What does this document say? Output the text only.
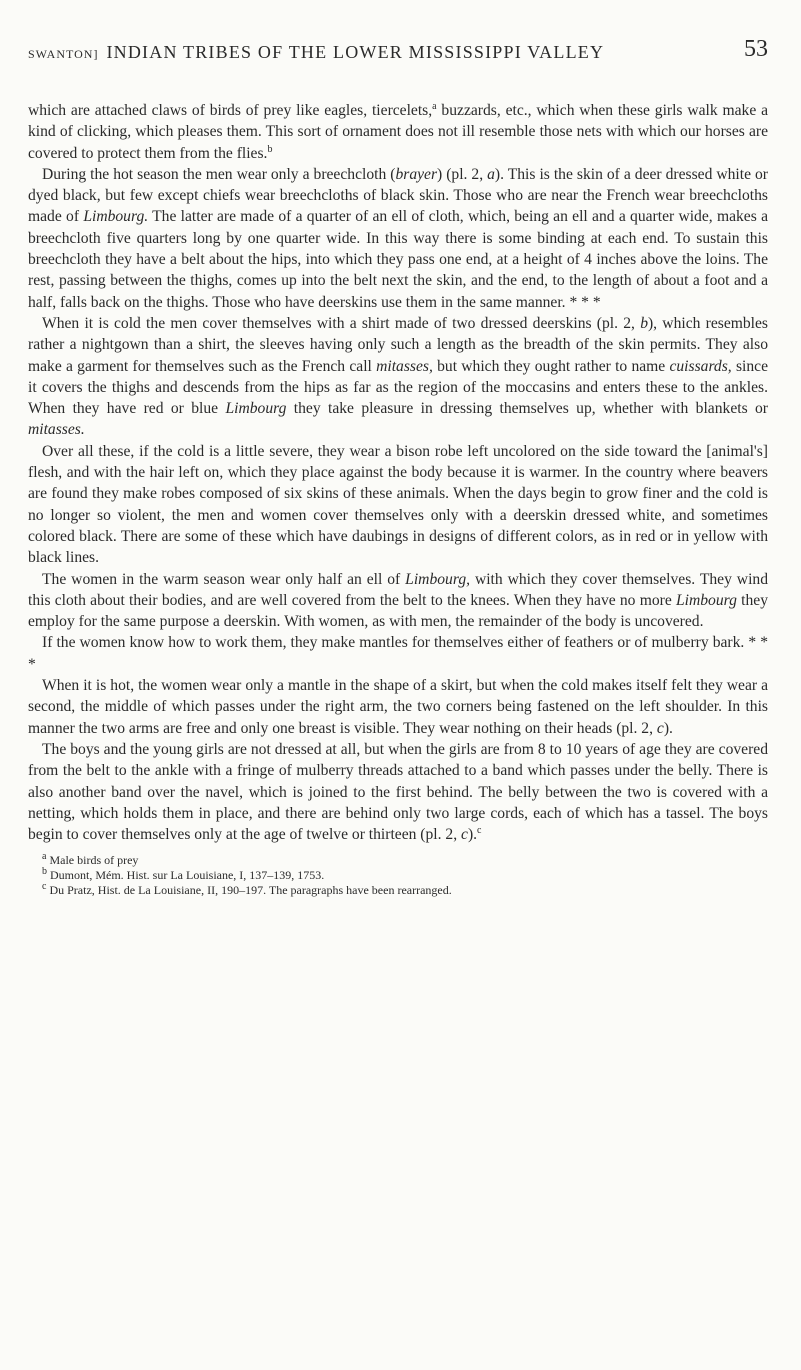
SWANTON] INDIAN TRIBES OF THE LOWER MISSISSIPPI VALLEY	53

which are attached claws of birds of prey like eagles, tiercelets,$^a$ buzzards, etc., which when these girls walk make a kind of clicking, which pleases them. This sort of ornament does not ill resemble those nets with which our horses are covered to protect them from the flies.$^b$

During the hot season the men wear only a breechcloth (brayer) (pl. 2, a). This is the skin of a deer dressed white or dyed black, but few except chiefs wear breechcloths of black skin. Those who are near the French wear breechcloths made of Limbourg. The latter are made of a quarter of an ell of cloth, which, being an ell and a quarter wide, makes a breechcloth five quarters long by one quarter wide. In this way there is some binding at each end. To sustain this breechcloth they have a belt about the hips, into which they pass one end, at a height of 4 inches above the loins. The rest, passing between the thighs, comes up into the belt next the skin, and the end, to the length of about a foot and a half, falls back on the thighs. Those who have deerskins use them in the same manner. * * *

When it is cold the men cover themselves with a shirt made of two dressed deerskins (pl. 2, b), which resembles rather a nightgown than a shirt, the sleeves having only such a length as the breadth of the skin permits. They also make a garment for themselves such as the French call mitasses, but which they ought rather to name cuissards, since it covers the thighs and descends from the hips as far as the region of the moccasins and enters these to the ankles. When they have red or blue Limbourg they take pleasure in dressing themselves up, whether with blankets or mitasses.

Over all these, if the cold is a little severe, they wear a bison robe left uncolored on the side toward the [animal's] flesh, and with the hair left on, which they place against the body because it is warmer. In the country where beavers are found they make robes composed of six skins of these animals. When the days begin to grow finer and the cold is no longer so violent, the men and women cover themselves only with a deerskin dressed white, and sometimes colored black. There are some of these which have daubings in designs of different colors, as in red or in yellow with black lines.

The women in the warm season wear only half an ell of Limbourg, with which they cover themselves. They wind this cloth about their bodies, and are well covered from the belt to the knees. When they have no more Limbourg they employ for the same purpose a deerskin. With women, as with men, the remainder of the body is uncovered.

If the women know how to work them, they make mantles for themselves either of feathers or of mulberry bark. * * *

When it is hot, the women wear only a mantle in the shape of a skirt, but when the cold makes itself felt they wear a second, the middle of which passes under the right arm, the two corners being fastened on the left shoulder. In this manner the two arms are free and only one breast is visible. They wear nothing on their heads (pl. 2, c).

The boys and the young girls are not dressed at all, but when the girls are from 8 to 10 years of age they are covered from the belt to the ankle with a fringe of mulberry threads attached to a band which passes under the belly. There is also another band over the navel, which is joined to the first behind. The belly between the two is covered with a netting, which holds them in place, and there are behind only two large cords, each of which has a tassel. The boys begin to cover themselves only at the age of twelve or thirteen (pl. 2, c).$^c$

$^a$ Male birds of prey

$^b$ Dumont, Mém. Hist. sur La Louisiane, I, 137–139, 1753.

$^c$ Du Pratz, Hist. de La Louisiane, II, 190–197. The paragraphs have been rearranged.
